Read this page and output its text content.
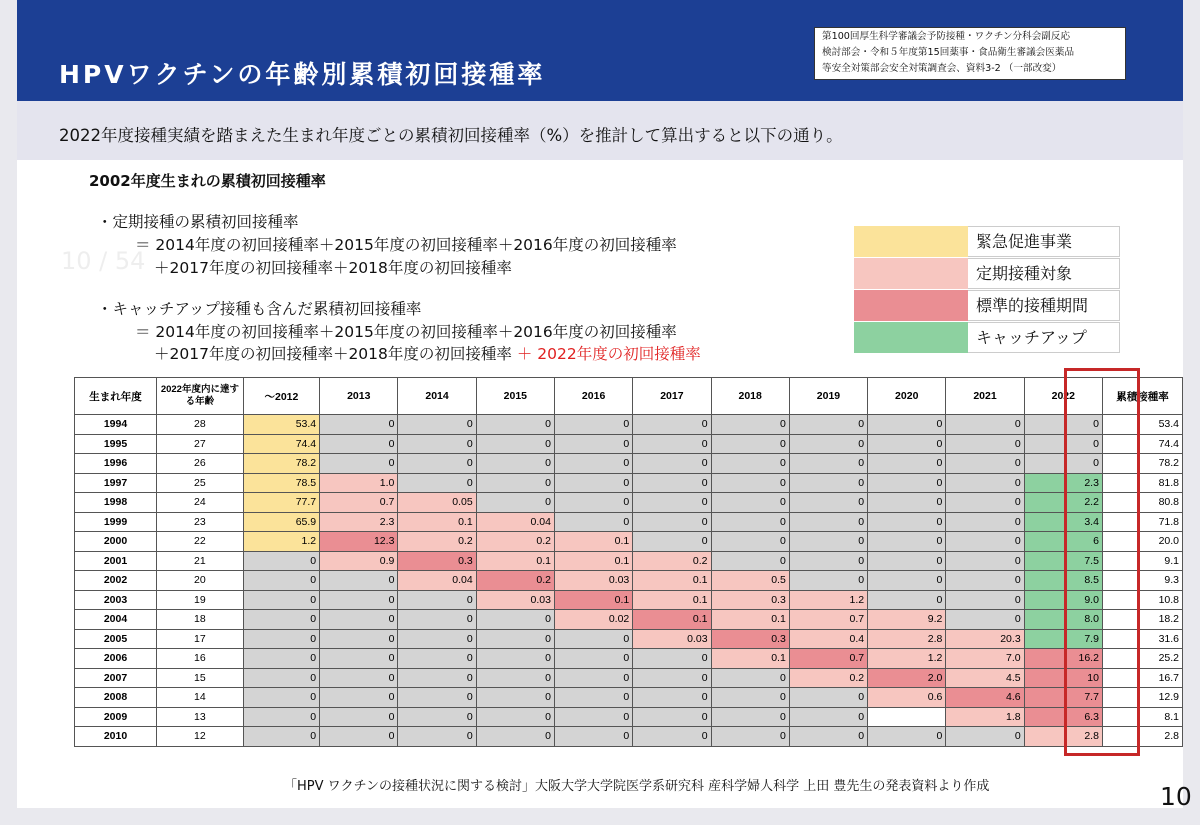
HPVワクチンの年齢別累積初回接種率
第100回厚生科学審議会予防接種・ワクチン分科会副反応
検討部会・令和５年度第15回薬事・食品衛生審議会医薬品
等安全対策部会安全対策調査会、資料3-2 （一部改変）
2022年度接種実績を踏まえた生まれ年度ごとの累積初回接種率（%）を推計して算出すると以下の通り。
2002年度生まれの累積初回接種率
10 / 54
・定期接種の累積初回接種率
＝ 2014年度の初回接種率＋2015年度の初回接種率＋2016年度の初回接種率
＋2017年度の初回接種率＋2018年度の初回接種率
・キャッチアップ接種も含んだ累積初回接種率
＝ 2014年度の初回接種率＋2015年度の初回接種率＋2016年度の初回接種率
＋2017年度の初回接種率＋2018年度の初回接種率 ＋ 2022年度の初回接種率
緊急促進事業
定期接種対象
標準的接種期間
キャッチアップ
生まれ年度	2022年度内に達する年齢	～2012	2013	2014	2015	2016	2017	2018	2019	2020	2021	2022	累積接種率
1994	28	53.4	0	0	0	0	0	0	0	0	0	0	53.4
1995	27	74.4	0	0	0	0	0	0	0	0	0	0	74.4
1996	26	78.2	0	0	0	0	0	0	0	0	0	0	78.2
1997	25	78.5	1.0	0	0	0	0	0	0	0	0	2.3	81.8
1998	24	77.7	0.7	0.05	0	0	0	0	0	0	0	2.2	80.8
1999	23	65.9	2.3	0.1	0.04	0	0	0	0	0	0	3.4	71.8
2000	22	1.2	12.3	0.2	0.2	0.1	0	0	0	0	0	6	20.0
2001	21	0	0.9	0.3	0.1	0.1	0.2	0	0	0	0	7.5	9.1
2002	20	0	0	0.04	0.2	0.03	0.1	0.5	0	0	0	8.5	9.3
2003	19	0	0	0	0.03	0.1	0.1	0.3	1.2	0	0	9.0	10.8
2004	18	0	0	0	0	0.02	0.1	0.1	0.7	9.2	0	8.0	18.2
2005	17	0	0	0	0	0	0.03	0.3	0.4	2.8	20.3	7.9	31.6
2006	16	0	0	0	0	0	0	0.1	0.7	1.2	7.0	16.2	25.2
2007	15	0	0	0	0	0	0	0	0.2	2.0	4.5	10	16.7
2008	14	0	0	0	0	0	0	0	0	0.6	4.6	7.7	12.9
2009	13	0	0	0	0	0	0	0	0		1.8	6.3	8.1
2010	12	0	0	0	0	0	0	0	0	0	0	2.8	2.8
「HPV ワクチンの接種状況に関する検討」大阪大学大学院医学系研究科 産科学婦人科学 上田 豊先生の発表資料より作成	10
